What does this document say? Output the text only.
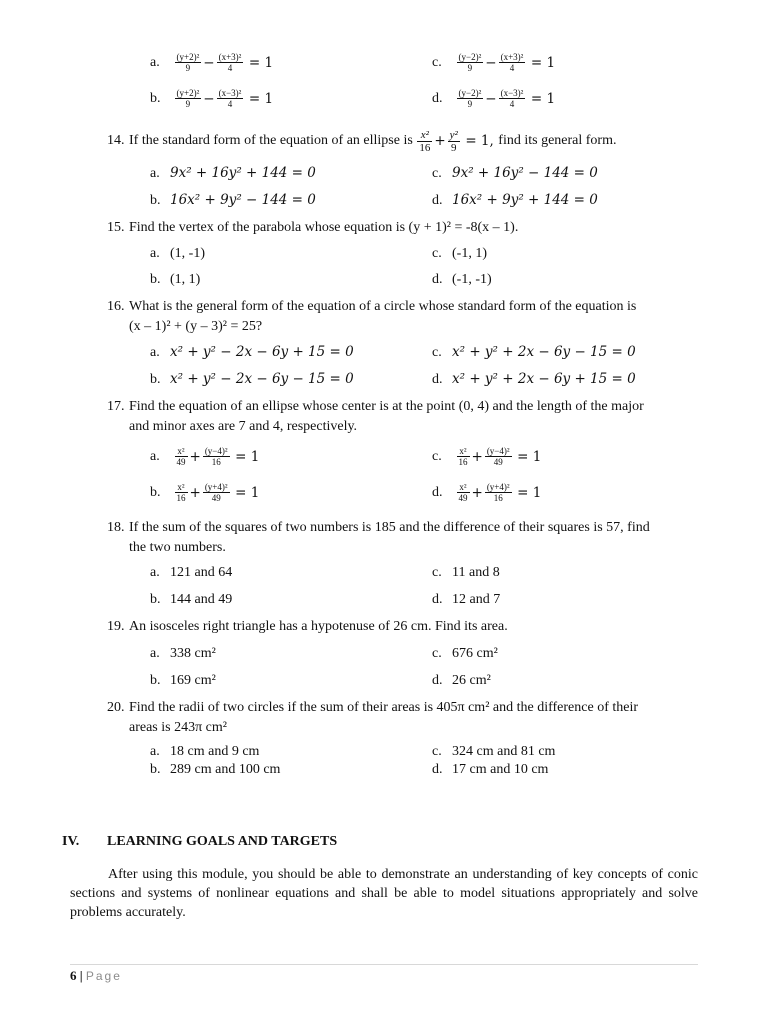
a. $\frac{\text{(y+2)²}}{9} - \frac{\text{(x+3)²}}{4} = 1$	c. $\frac{\text{(y−2)²}}{9} - \frac{\text{(x+3)²}}{4} = 1$
b. $\frac{\text{(y+2)²}}{9} - \frac{\text{(x−3)²}}{4} = 1$	d. $\frac{\text{(y−2)²}}{9} - \frac{\text{(x−3)²}}{4} = 1$
14. If the standard form of the equation of an ellipse is $\frac{\text{x²}}{16} + \frac{\text{y²}}{9} = 1$, find its general form.
a. 9x² + 16y² + 144 = 0	c. 9x² + 16y² − 144 = 0
b. 16x² + 9y² − 144 = 0	d. 16x² + 9y² + 144 = 0
15. Find the vertex of the parabola whose equation is (y + 1)² = -8(x – 1).
a. (1, -1)	c. (-1, 1)
b. (1, 1)	d. (-1, -1)
16. What is the general form of the equation of a circle whose standard form of the equation is
(x – 1)² + (y – 3)² = 25?
a. x² + y² − 2x − 6y + 15 = 0	c. x² + y² + 2x − 6y − 15 = 0
b. x² + y² − 2x − 6y − 15 = 0	d. x² + y² + 2x − 6y + 15 = 0
17. Find the equation of an ellipse whose center is at the point (0, 4) and the length of the major
and minor axes are 7 and 4, respectively.
a. $\frac{\text{x²}}{49} + \frac{\text{(y−4)²}}{16} = 1$	c. $\frac{\text{x²}}{16} + \frac{\text{(y−4)²}}{49} = 1$
b. $\frac{\text{x²}}{16} + \frac{\text{(y+4)²}}{49} = 1$	d. $\frac{\text{x²}}{49} + \frac{\text{(y+4)²}}{16} = 1$
18. If the sum of the squares of two numbers is 185 and the difference of their squares is 57, find
the two numbers.
a. 121 and 64	c. 11 and 8
b. 144 and 49	d. 12 and 7
19. An isosceles right triangle has a hypotenuse of 26 cm. Find its area.
a. 338 cm²	c. 676 cm²
b. 169 cm²	d. 26 cm²
20. Find the radii of two circles if the sum of their areas is 405π cm² and the difference of their
areas is 243π cm²
a. 18 cm and 9 cm	c. 324 cm and 81 cm
b. 289 cm and 100 cm	d. 17 cm and 10 cm
IV. LEARNING GOALS AND TARGETS
After using this module, you should be able to demonstrate an understanding of key concepts of conic sections and systems of nonlinear equations and shall be able to model situations appropriately and solve problems accurately.
6 | Page
